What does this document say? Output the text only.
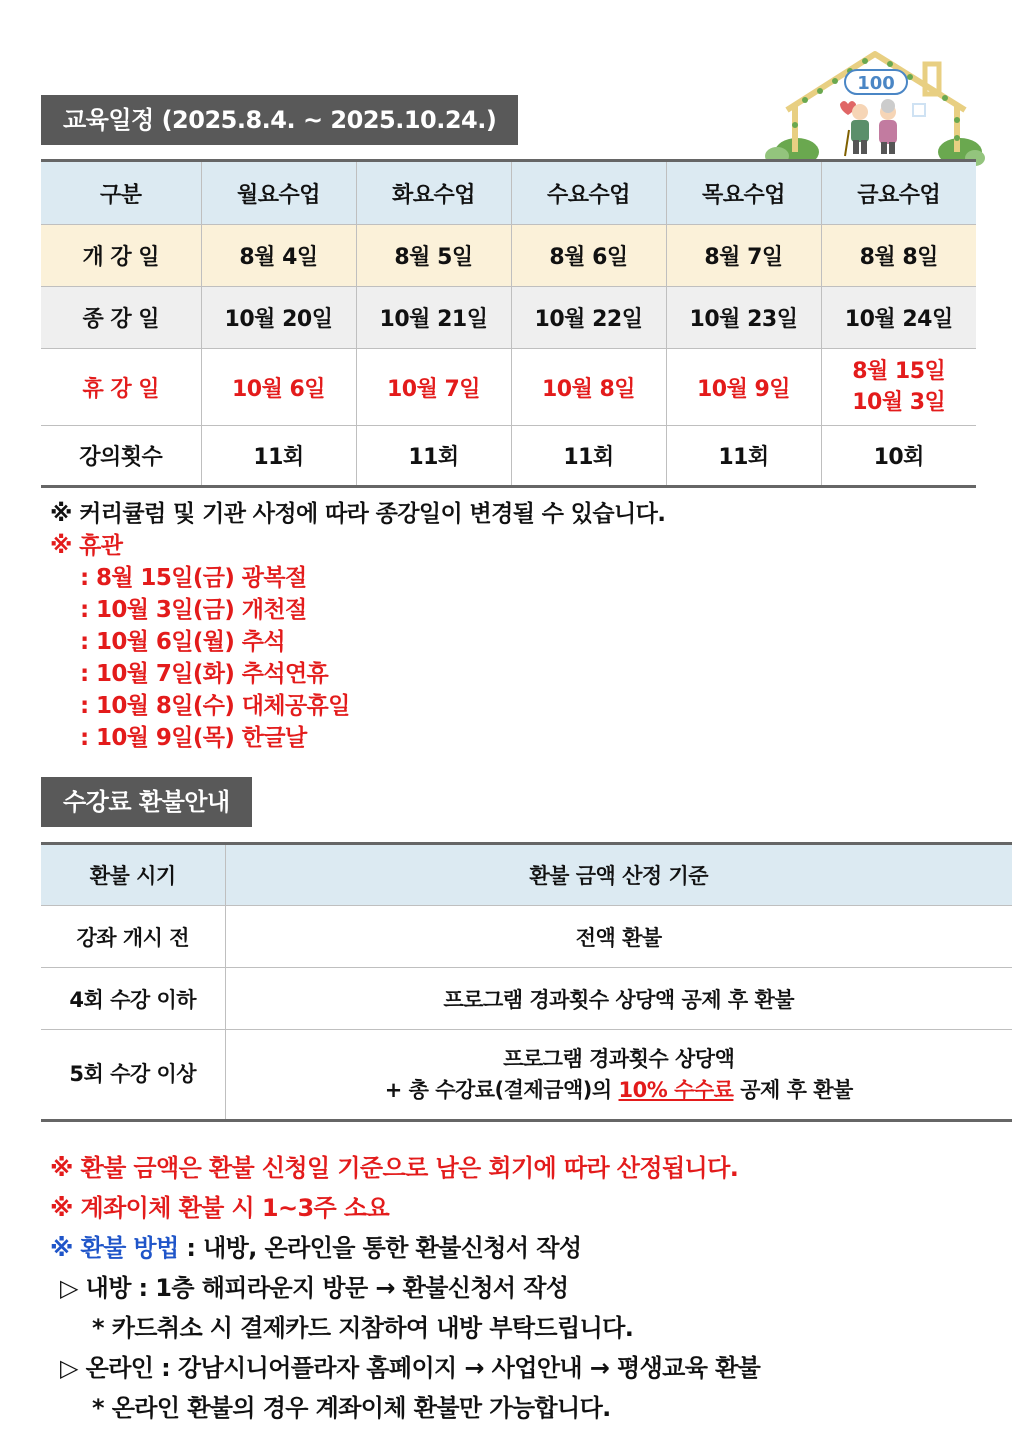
100
교육일정 (2025.8.4. ~ 2025.10.24.)
구분	월요수업	화요수업	수요수업	목요수업	금요수업
개 강 일	8월 4일	8월 5일	8월 6일	8월 7일	8월 8일
종 강 일	10월 20일	10월 21일	10월 22일	10월 23일	10월 24일
휴 강 일	10월 6일	10월 7일	10월 8일	10월 9일	8월 15일
10월 3일

강의횟수	11회	11회	11회	11회	10회
※ 커리큘럼 및 기관 사정에 따라 종강일이 변경될 수 있습니다.
※ 휴관
: 8월 15일(금) 광복절
: 10월 3일(금) 개천절
: 10월 6일(월) 추석
: 10월 7일(화) 추석연휴
: 10월 8일(수) 대체공휴일
: 10월 9일(목) 한글날
수강료 환불안내
환불 시기	환불 금액 산정 기준
강좌 개시 전	전액 환불
4회 수강 이하	프로그램 경과횟수 상당액 공제 후 환불
5회 수강 이상	프로그램 경과횟수 상당액
+ 총 수강료(결제금액)의 10% 수수료 공제 후 환불
※ 환불 금액은 환불 신청일 기준으로 남은 회기에 따라 산정됩니다.
※ 계좌이체 환불 시 1~3주 소요
※ 환불 방법 : 내방, 온라인을 통한 환불신청서 작성
▷ 내방 : 1층 해피라운지 방문 → 환불신청서 작성
* 카드취소 시 결제카드 지참하여 내방 부탁드립니다.
▷ 온라인 : 강남시니어플라자 홈페이지 → 사업안내 → 평생교육 환불
* 온라인 환불의 경우 계좌이체 환불만 가능합니다.
